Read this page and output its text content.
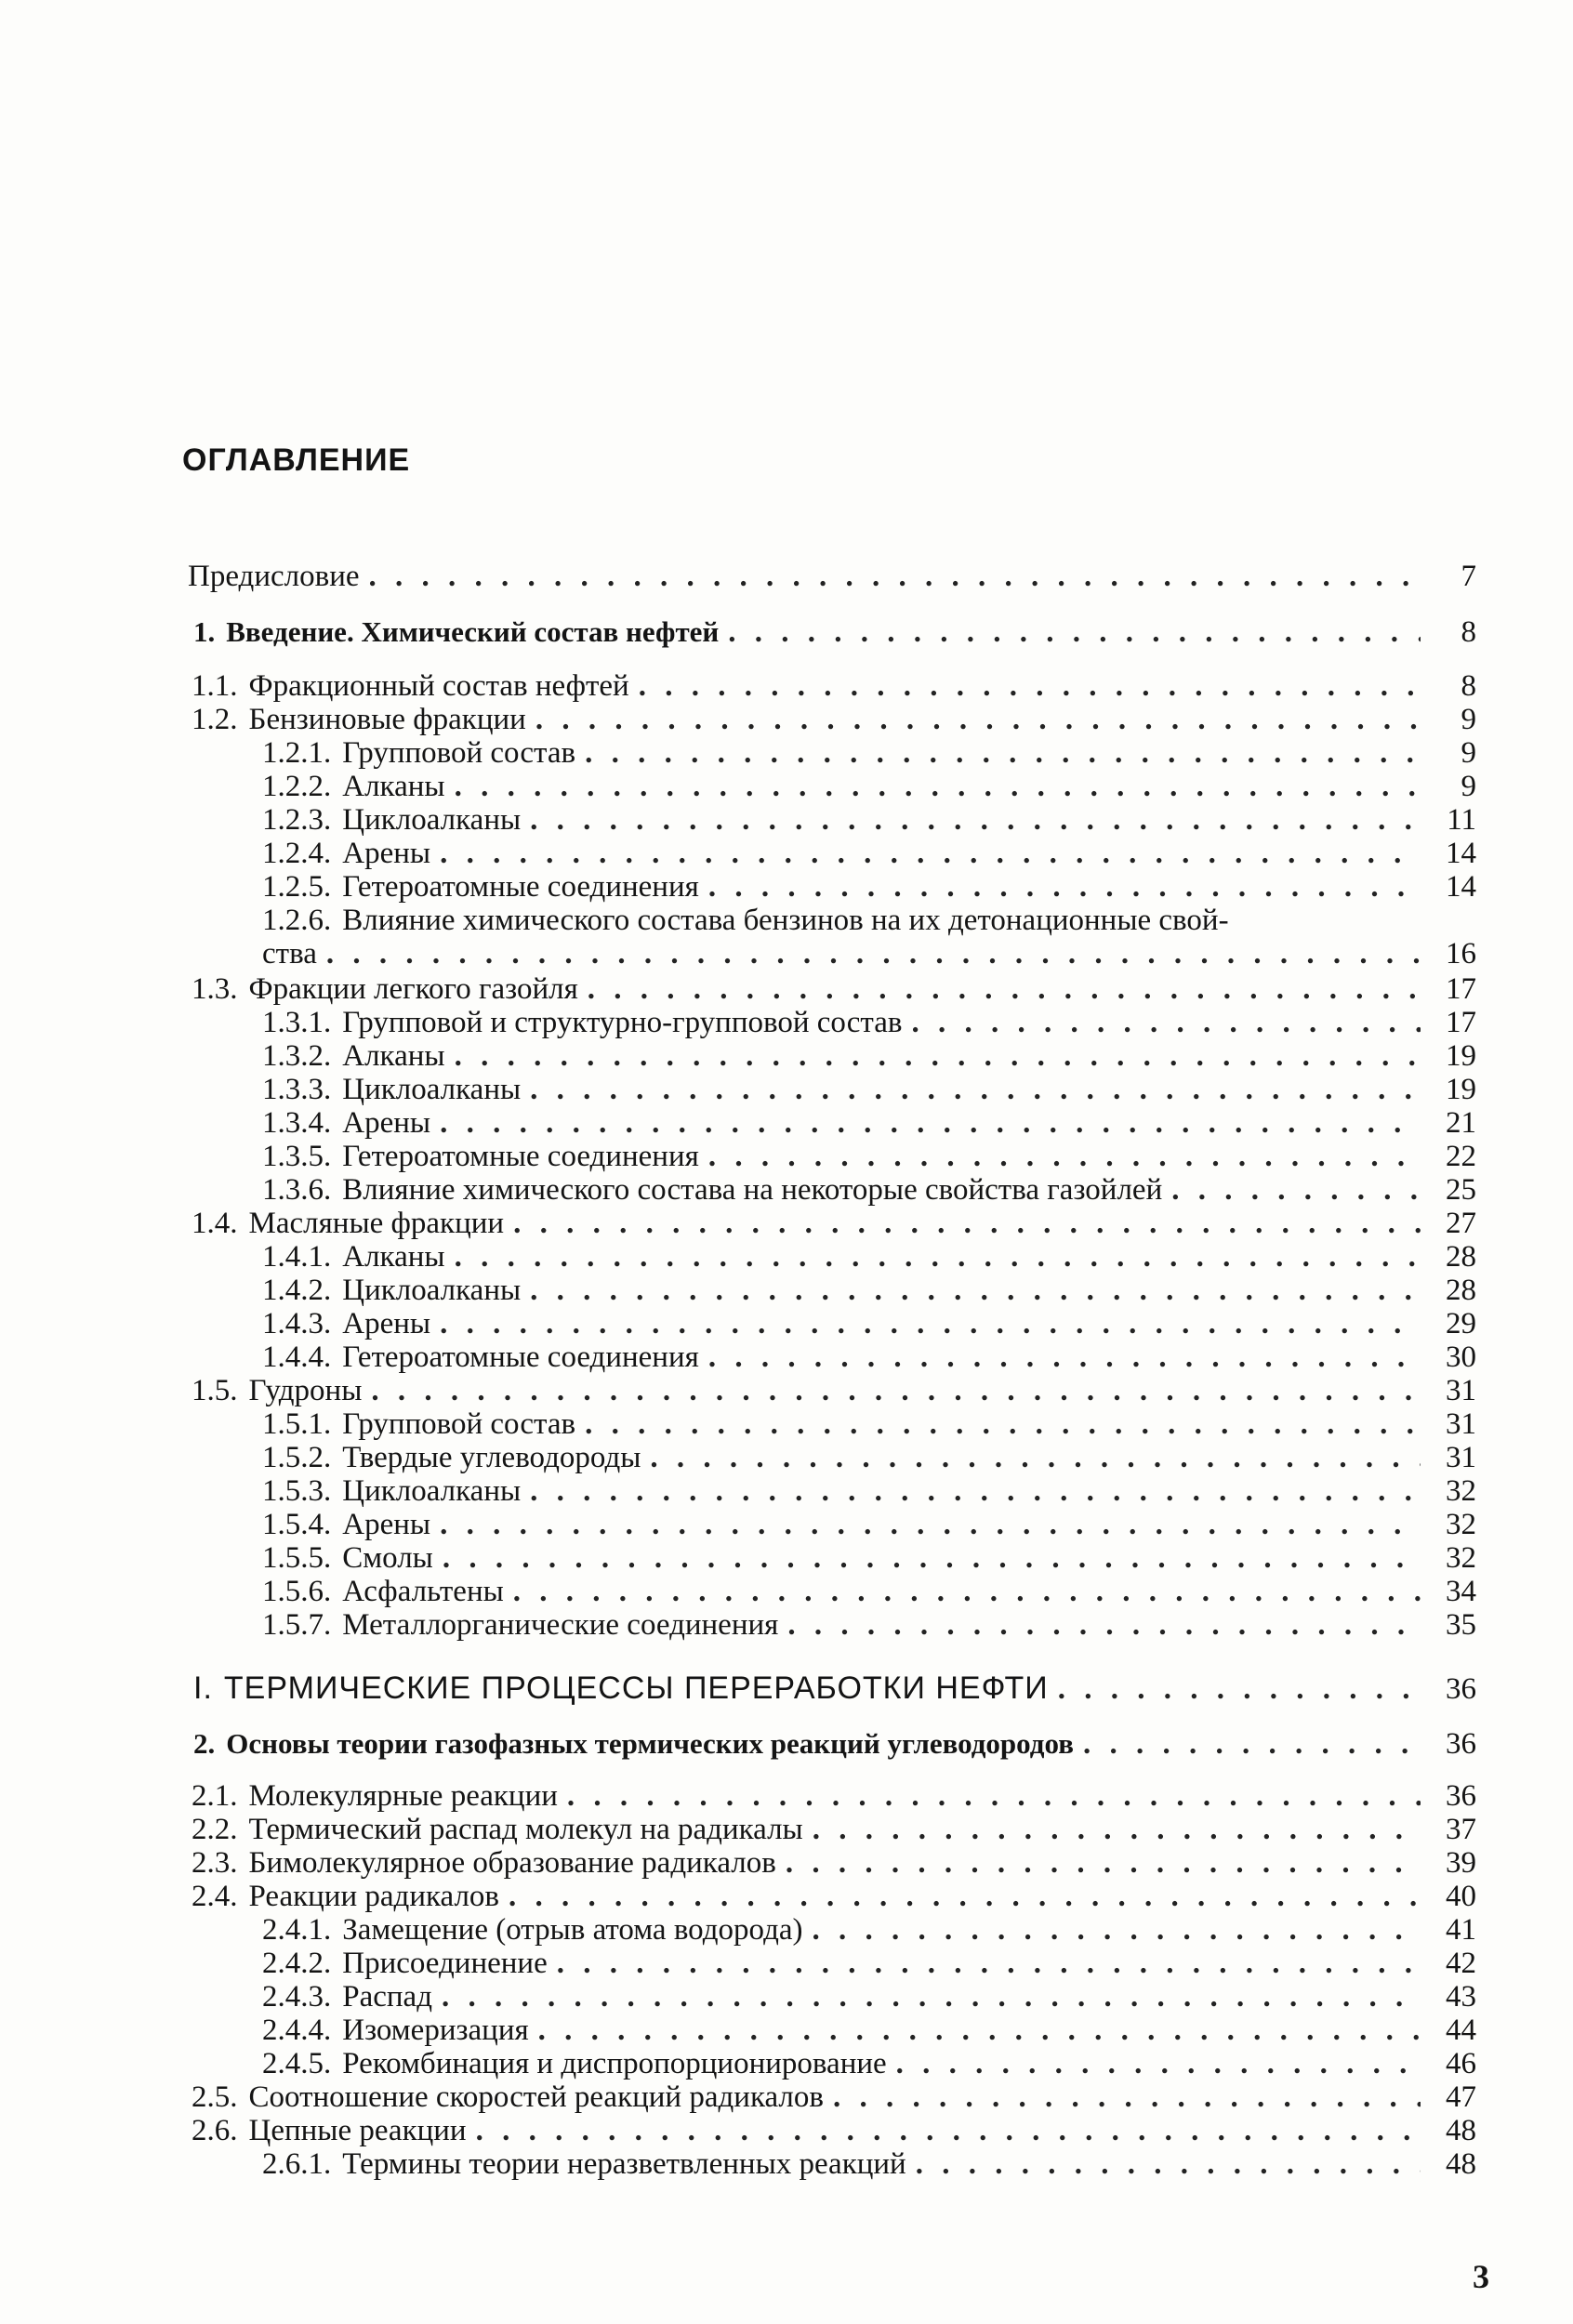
ОГЛАВЛЕНИЕ
Предисловие . . .	7
1. Введение. Химический состав нефтей . . .	8
1.1. Фракционный состав нефтей . . .	8
1.2. Бензиновые фракции . . .	9
1.2.1. Групповой состав . . .	9
1.2.2. Алканы . . .	9
1.2.3. Циклоалканы . . .	11
1.2.4. Арены . . .	14
1.2.5. Гетероатомные соединения . . .	14
1.2.6. Влияние химического состава бензинов на их детонационные свой-
ства . . .	16
1.3. Фракции легкого газойля . . .	17
1.3.1. Групповой и структурно-групповой состав . . .	17
1.3.2. Алканы . . .	19
1.3.3. Циклоалканы . . .	19
1.3.4. Арены . . .	21
1.3.5. Гетероатомные соединения . . .	22
1.3.6. Влияние химического состава на некоторые свойства газойлей . . .	25
1.4. Масляные фракции . . .	27
1.4.1. Алканы . . .	28
1.4.2. Циклоалканы . . .	28
1.4.3. Арены . . .	29
1.4.4. Гетероатомные соединения . . .	30
1.5. Гудроны . . .	31
1.5.1. Групповой состав . . .	31
1.5.2. Твердые углеводороды . . .	31
1.5.3. Циклоалканы . . .	32
1.5.4. Арены . . .	32
1.5.5. Смолы . . .	32
1.5.6. Асфальтены . . .	34
1.5.7. Металлорганические соединения . . .	35
I. ТЕРМИЧЕСКИЕ ПРОЦЕССЫ ПЕРЕРАБОТКИ НЕФТИ . . .	36
2. Основы теории газофазных термических реакций углеводородов . . .	36
2.1. Молекулярные реакции . . .	36
2.2. Термический распад молекул на радикалы . . .	37
2.3. Бимолекулярное образование радикалов . . .	39
2.4. Реакции радикалов . . .	40
2.4.1. Замещение (отрыв атома водорода) . . .	41
2.4.2. Присоединение . . .	42
2.4.3. Распад . . .	43
2.4.4. Изомеризация . . .	44
2.4.5. Рекомбинация и диспропорционирование . . .	46
2.5. Соотношение скоростей реакций радикалов . . .	47
2.6. Цепные реакции . . .	48
2.6.1. Термины теории неразветвленных реакций . . .	48
3
